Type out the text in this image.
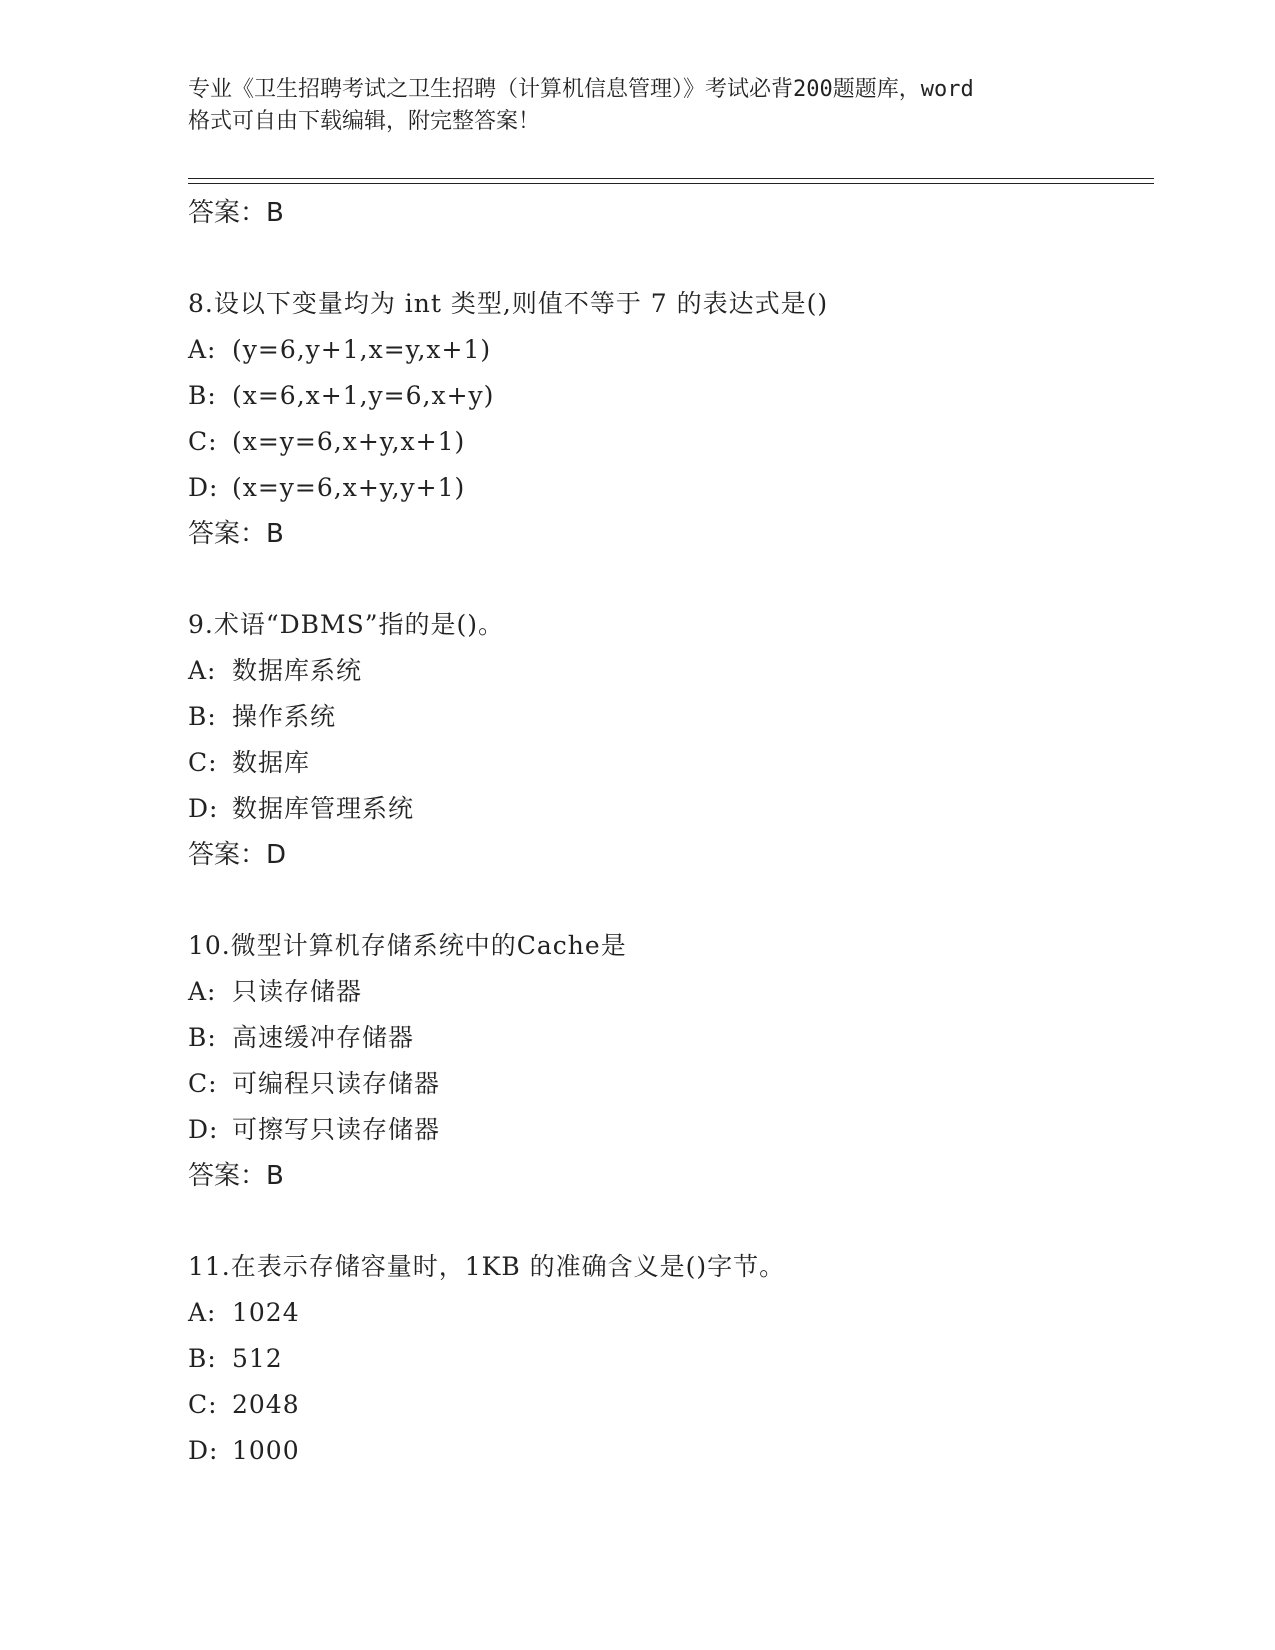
专业《卫生招聘考试之卫生招聘（计算机信息管理）》考试必背200题题库，word
格式可自由下载编辑，附完整答案！
答案：B
8.设以下变量均为 int 类型,则值不等于 7 的表达式是()
A: (y=6,y+1,x=y,x+1)
B: (x=6,x+1,y=6,x+y)
C: (x=y=6,x+y,x+1)
D: (x=y=6,x+y,y+1)
答案：B
9.术语“DBMS”指的是()。
A: 数据库系统
B: 操作系统
C: 数据库
D: 数据库管理系统
答案：D
10.微型计算机存储系统中的Cache是
A: 只读存储器
B: 高速缓冲存储器
C: 可编程只读存储器
D: 可擦写只读存储器
答案：B
11.在表示存储容量时，1KB 的准确含义是()字节。
A: 1024
B: 512
C: 2048
D: 1000
